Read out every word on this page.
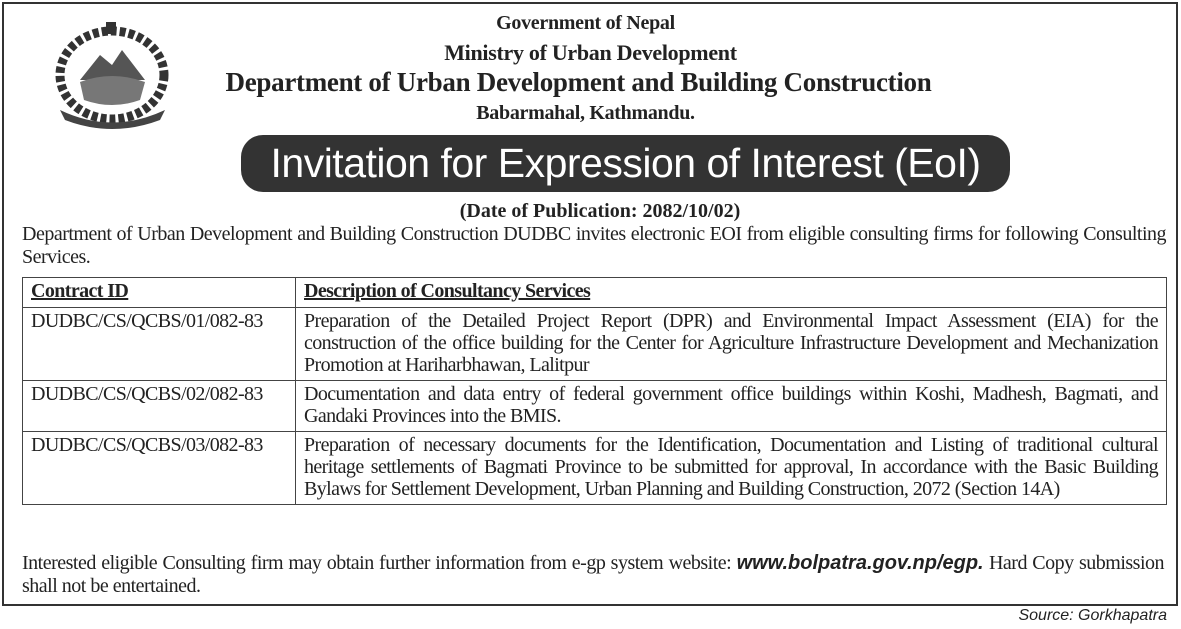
Government of Nepal
Ministry of Urban Development
Department of Urban Development and Building Construction
Babarmahal, Kathmandu.
Invitation for Expression of Interest (EoI)
(Date of Publication: 2082/10/02)
Department of Urban Development and Building Construction DUDBC invites electronic EOI from eligible consulting firms for following Consulting Services.
Contract ID	Description of Consultancy Services
DUDBC/CS/QCBS/01/082-83	Preparation of the Detailed Project Report (DPR) and Environmental Impact Assessment (EIA) for the construction of the office building for the Center for Agriculture Infrastructure Development and Mechanization Promotion at Hariharbhawan, Lalitpur
DUDBC/CS/QCBS/02/082-83	Documentation and data entry of federal government office buildings within Koshi, Madhesh, Bagmati, and Gandaki Provinces into the BMIS.
DUDBC/CS/QCBS/03/082-83	Preparation of necessary documents for the Identification, Documentation and Listing of traditional cultural heritage settlements of Bagmati Province to be submitted for approval, In accordance with the Basic Building Bylaws for Settlement Development, Urban Planning and Building Construction, 2072 (Section 14A)
Interested eligible Consulting firm may obtain further information from e-gp system website: www.bolpatra.gov.np/egp. Hard Copy submission shall not be entertained.
Source: Gorkhapatra
